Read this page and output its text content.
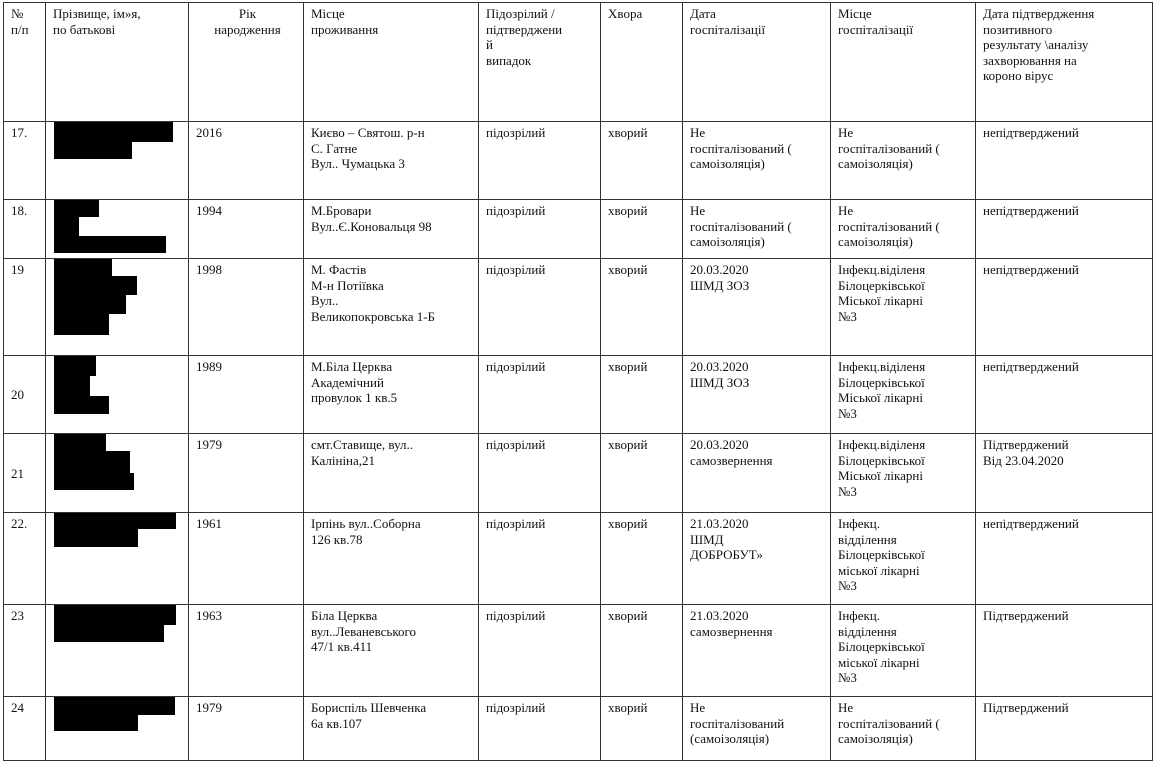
№
п/п	Прізвище, ім»я,
по батькові	Рік
народження	Місце
проживання	Підозрілий /
підтверджени
й
випадок	Хвора	Дата
госпіталізації	Місце
госпіталізації	Дата підтвердження
позитивного
результату \аналізу
захворювання на
короно вірус

17.		2016	Києво – Святош. р-н
С. Гатне
Вул.. Чумацька 3	підозрілий	хворий	Не
госпіталізований (
самоізоляція)	Не
госпіталізований (
самоізоляція)	непідтверджений

18.		1994	М.Бровари
Вул..Є.Коновальця 98	підозрілий	хворий	Не
госпіталізований (
самоізоляція)	Не
госпіталізований (
самоізоляція)	непідтверджений

19		1998	М. Фастів
М-н Потіївка
Вул..
Великопокровська 1-Б	підозрілий	хворий	20.03.2020
ШМД ЗОЗ	Інфекц.віділеня
Білоцерківської
Міської лікарні
№3	непідтверджений

20		1989	М.Біла Церква
Академічний
провулок 1 кв.5	підозрілий	хворий	20.03.2020
ШМД ЗОЗ	Інфекц.віділеня
Білоцерківської
Міської лікарні
№3	непідтверджений

21		1979	смт.Ставище, вул..
Калініна,21	підозрілий	хворий	20.03.2020
самозвернення	Інфекц.віділеня
Білоцерківської
Міської лікарні
№3	Підтверджений
Від 23.04.2020

22.		1961	Ірпінь вул..Соборна
126 кв.78	підозрілий	хворий	21.03.2020
ШМД
ДОБРОБУТ»	Інфекц.
відділення
Білоцерківської
міської лікарні
№3	непідтверджений

23		1963	Біла Церква
вул..Леваневського
47/1 кв.411	підозрілий	хворий	21.03.2020
самозвернення	Інфекц.
відділення
Білоцерківської
міської лікарні
№3	Підтверджений

24		1979	Бориспіль Шевченка
6а кв.107	підозрілий	хворий	Не
госпіталізований
(самоізоляція)	Не
госпіталізований (
самоізоляція)	Підтверджений
